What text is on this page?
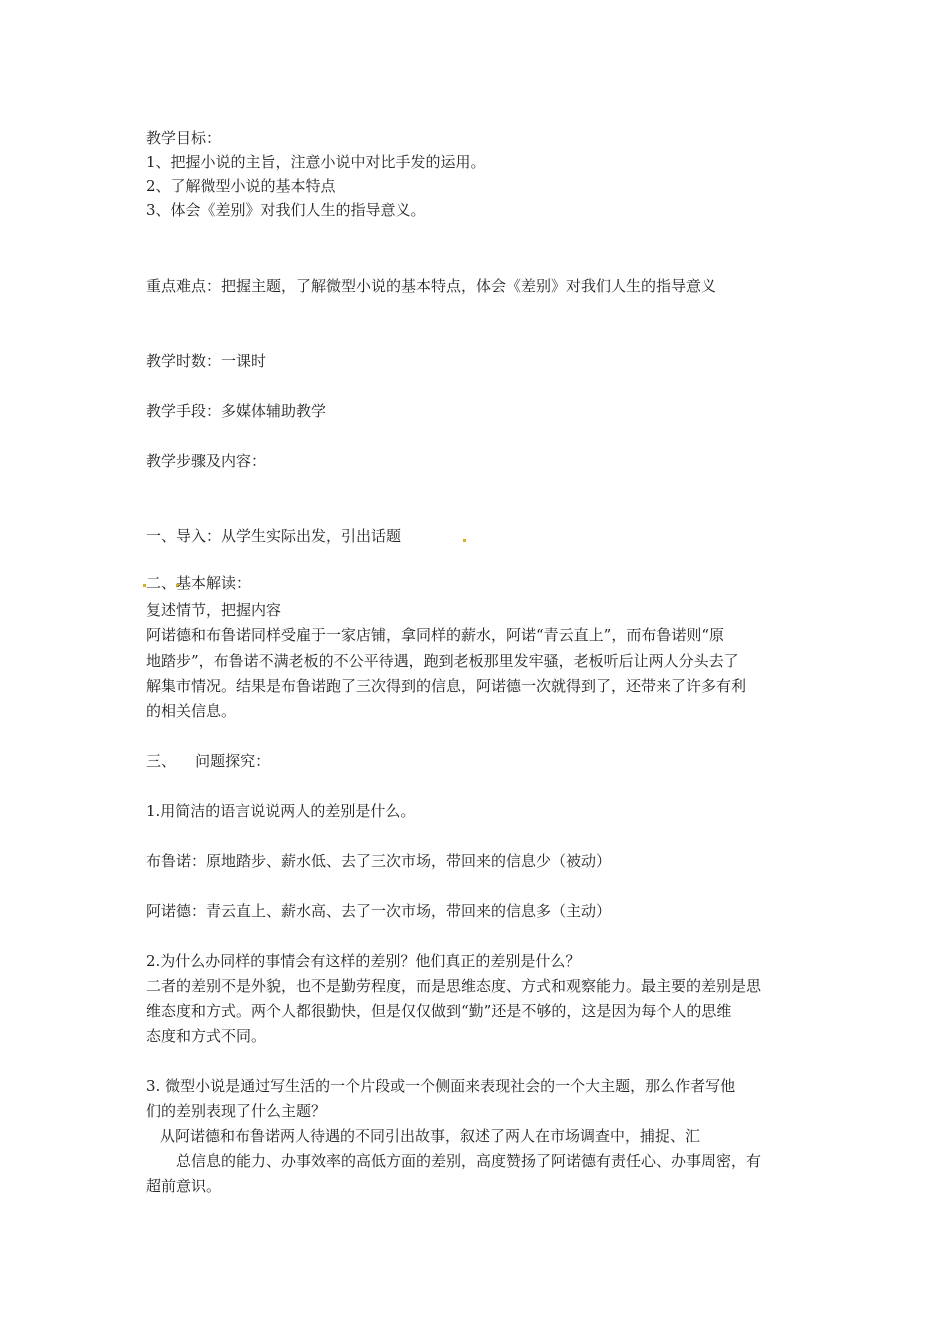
教学目标：
1、把握小说的主旨，注意小说中对比手发的运用。
2、了解微型小说的基本特点
3、体会《差别》对我们人生的指导意义。
重点难点：把握主题，了解微型小说的基本特点，体会《差别》对我们人生的指导意义
教学时数：一课时
教学手段：多媒体辅助教学
教学步骤及内容：
一、导入：从学生实际出发，引出话题
二、基本解读：
复述情节，把握内容
阿诺德和布鲁诺同样受雇于一家店铺，拿同样的薪水，阿诺“青云直上”，而布鲁诺则“原
地踏步”，布鲁诺不满老板的不公平待遇，跑到老板那里发牢骚，老板听后让两人分头去了
解集市情况。结果是布鲁诺跑了三次得到的信息，阿诺德一次就得到了，还带来了许多有利
的相关信息。
三、    问题探究：
1.用简洁的语言说说两人的差别是什么。
布鲁诺：原地踏步、薪水低、去了三次市场，带回来的信息少（被动）
阿诺德：青云直上、薪水高、去了一次市场，带回来的信息多（主动）
2.为什么办同样的事情会有这样的差别？他们真正的差别是什么？
二者的差别不是外貌，也不是勤劳程度，而是思维态度、方式和观察能力。最主要的差别是思
维态度和方式。两个人都很勤快，但是仅仅做到“勤”还是不够的，这是因为每个人的思维
态度和方式不同。
3. 微型小说是通过写生活的一个片段或一个侧面来表现社会的一个大主题，那么作者写他
们的差别表现了什么主题？
从阿诺德和布鲁诺两人待遇的不同引出故事，叙述了两人在市场调查中，捕捉、汇
总信息的能力、办事效率的高低方面的差别，高度赞扬了阿诺德有责任心、办事周密，有
超前意识。
